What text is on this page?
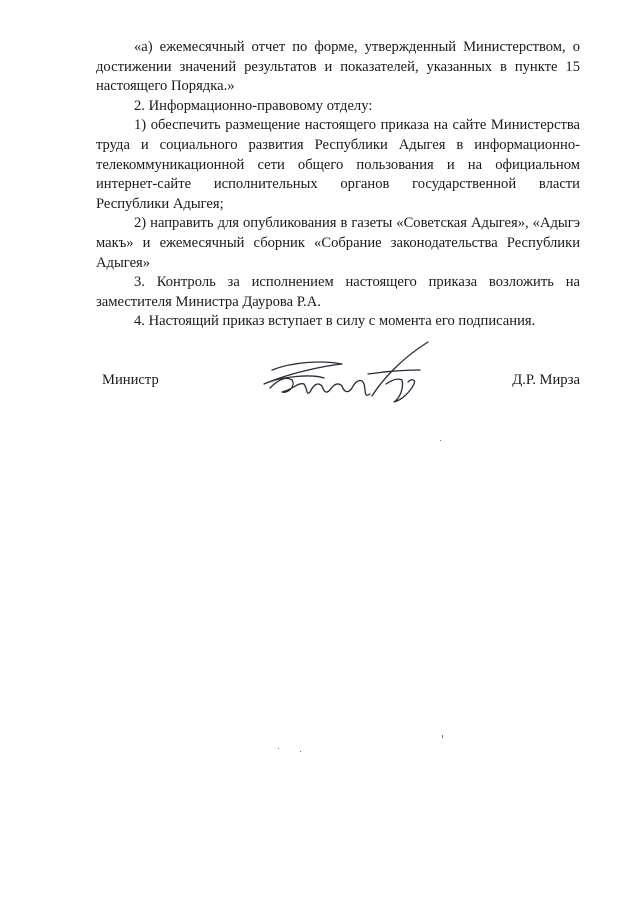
«а) ежемесячный отчет по форме, утвержденный Министерством, о достижении значений результатов и показателей, указанных в пункте 15 настоящего Порядка.»

2. Информационно-правовому отделу:

1) обеспечить размещение настоящего приказа на сайте Министерства труда и социального развития Республики Адыгея в информационно-телекоммуникационной сети общего пользования и на официальном интернет-сайте исполнительных органов государственной власти Республики Адыгея;

2) направить для опубликования в газеты «Советская Адыгея», «Адыгэ макъ» и ежемесячный сборник «Собрание законодательства Республики Адыгея»

3. Контроль за исполнением настоящего приказа возложить на заместителя Министра Даурова Р.А.

4. Настоящий приказ вступает в силу с момента его подписания.

Министр	Д.Р. Мирза
